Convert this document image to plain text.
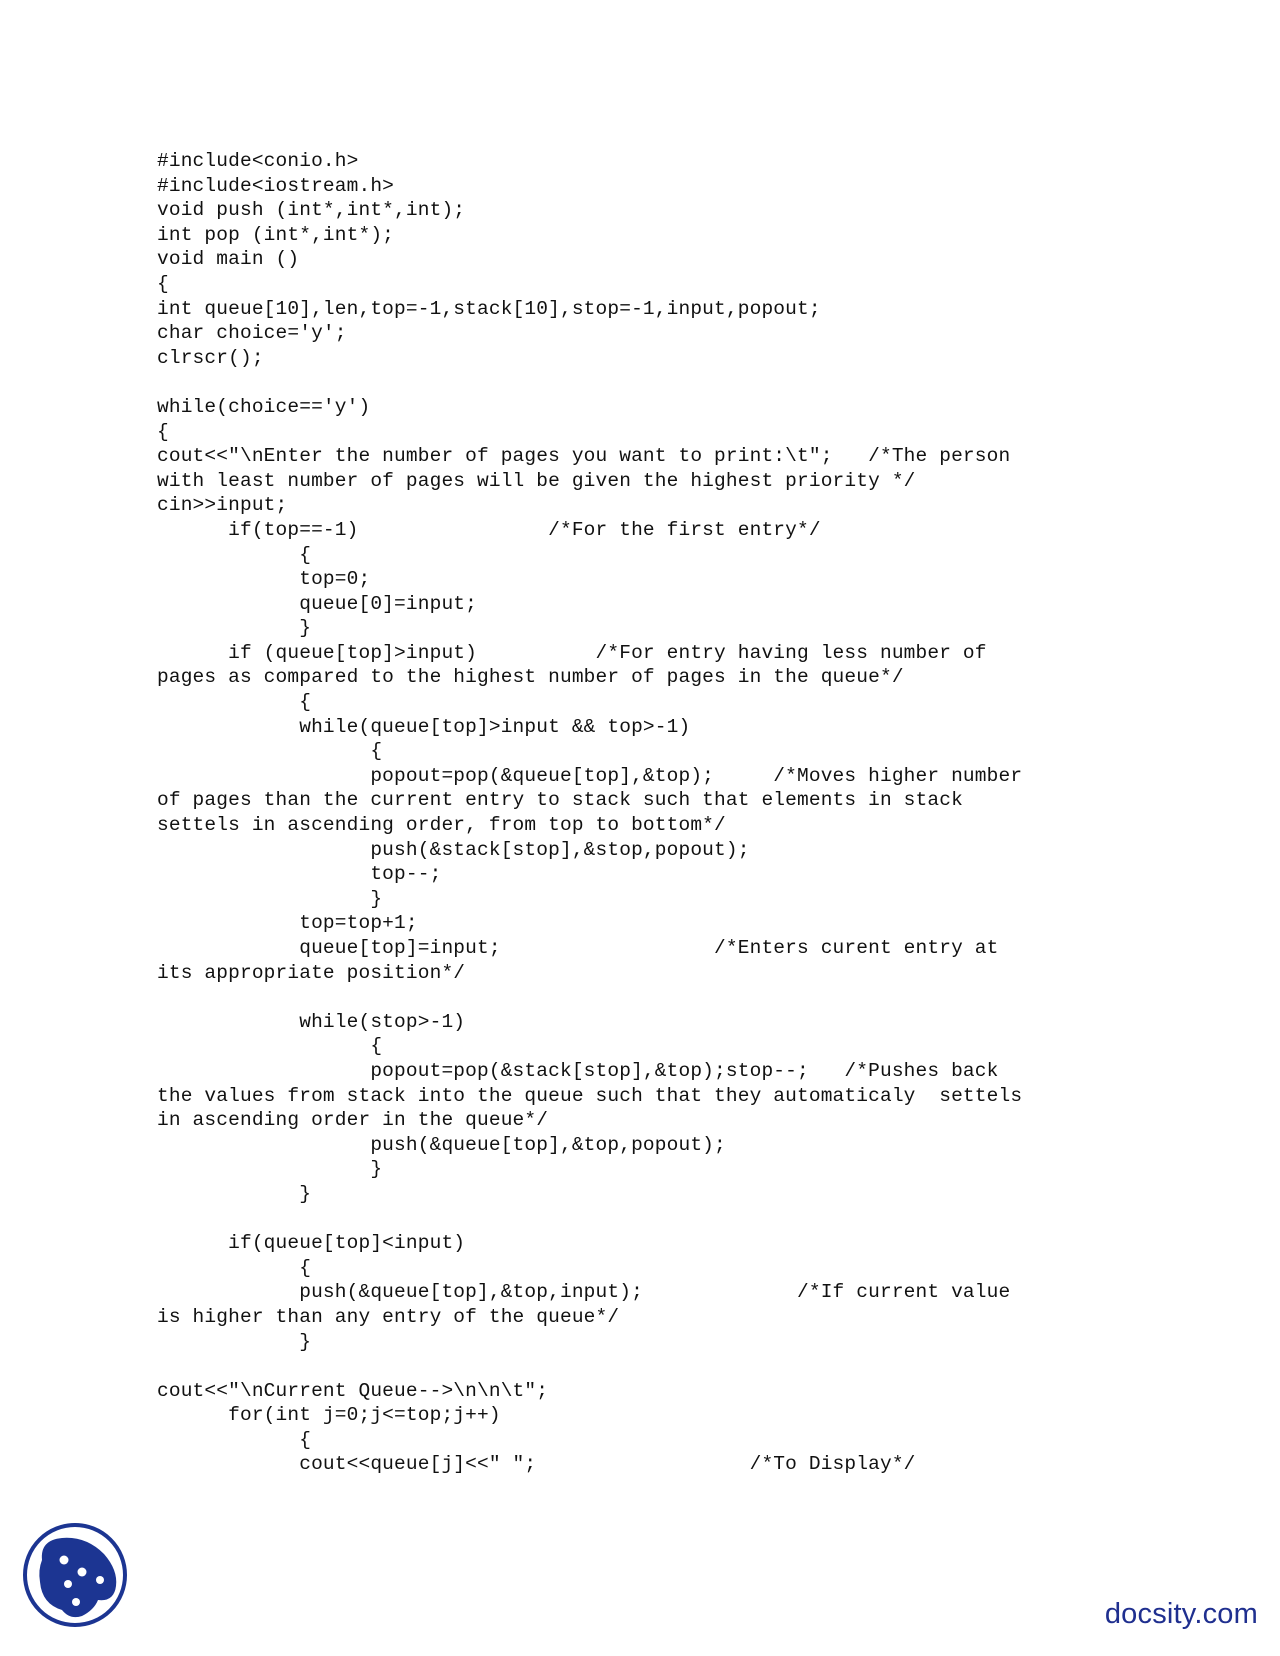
#include<conio.h>
#include<iostream.h>
void push (int*,int*,int);
int pop (int*,int*);
void main ()
{
int queue[10],len,top=-1,stack[10],stop=-1,input,popout;
char choice='y';
clrscr();
while(choice=='y')
{
cout<<"\nEnter the number of pages you want to print:\t";   /*The person
with least number of pages will be given the highest priority */
cin>>input;
if(top==-1)                /*For the first entry*/
{
top=0;
queue[0]=input;
}
if (queue[top]>input)          /*For entry having less number of
pages as compared to the highest number of pages in the queue*/
{
while(queue[top]>input && top>-1)
{
popout=pop(&queue[top],&top);     /*Moves higher number
of pages than the current entry to stack such that elements in stack
settels in ascending order, from top to bottom*/
push(&stack[stop],&stop,popout);
top--;
}
top=top+1;
queue[top]=input;                  /*Enters curent entry at
its appropriate position*/
while(stop>-1)
{
popout=pop(&stack[stop],&top);stop--;   /*Pushes back
the values from stack into the queue such that they automaticaly  settels
in ascending order in the queue*/
push(&queue[top],&top,popout);
}
}
if(queue[top]<input)
{
push(&queue[top],&top,input);             /*If current value
is higher than any entry of the queue*/
}
cout<<"\nCurrent Queue-->\n\n\t";
for(int j=0;j<=top;j++)
{
cout<<queue[j]<<" ";                  /*To Display*/
docsity.com
